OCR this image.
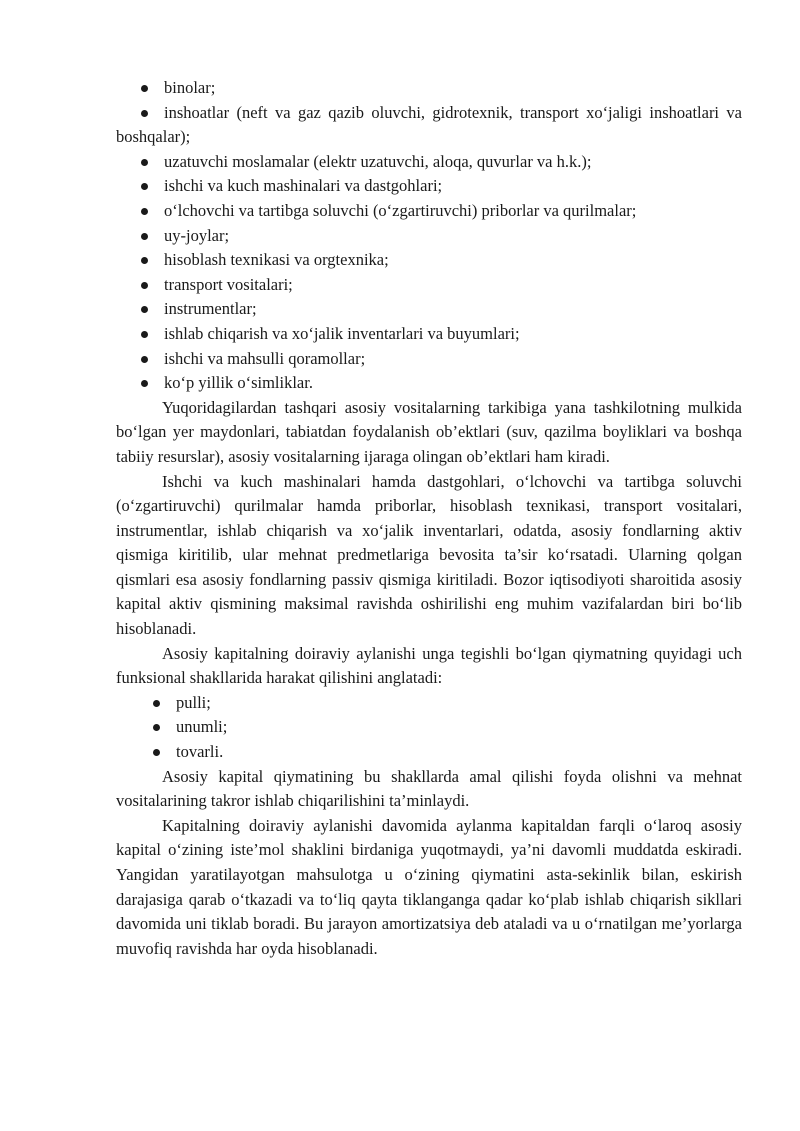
binolar;
inshoatlar (neft va gaz qazib oluvchi, gidrotexnik, transport xo‘jaligi inshoatlari va boshqalar);
uzatuvchi moslamalar (elektr uzatuvchi, aloqa, quvurlar va h.k.);
ishchi va kuch mashinalari va dastgohlari;
o‘lchovchi va tartibga soluvchi (o‘zgartiruvchi) priborlar va qurilmalar;
uy-joylar;
hisoblash texnikasi va orgtexnika;
transport vositalari;
instrumentlar;
ishlab chiqarish va xo‘jalik inventarlari va buyumlari;
ishchi va mahsulli qoramollar;
ko‘p yillik o‘simliklar.

Yuqoridagilardan tashqari asosiy vositalarning tarkibiga yana tashkilotning mulkida bo‘lgan yer maydonlari, tabiatdan foydalanish ob’ektlari (suv, qazilma boyliklari va boshqa tabiiy resurslar), asosiy vositalarning ijaraga olingan ob’ektlari ham kiradi.

Ishchi va kuch mashinalari hamda dastgohlari, o‘lchovchi va tartibga soluvchi (o‘zgartiruvchi) qurilmalar hamda priborlar, hisoblash texnikasi, transport vositalari, instrumentlar, ishlab chiqarish va xo‘jalik inventarlari, odatda, asosiy fondlarning aktiv qismiga kiritilib, ular mehnat predmetlariga bevosita ta’sir ko‘rsatadi. Ularning qolgan qismlari esa asosiy fondlarning passiv qismiga kiritiladi. Bozor iqtisodiyoti sharoitida asosiy kapital aktiv qismining maksimal ravishda oshirilishi eng muhim vazifalardan biri bo‘lib hisoblanadi.

Asosiy kapitalning doiraviy aylanishi unga tegishli bo‘lgan qiymatning quyidagi uch funksional shakllarida harakat qilishini anglatadi:

pulli;
unumli;
tovarli.

Asosiy kapital qiymatining bu shakllarda amal qilishi foyda olishni va mehnat vositalarining takror ishlab chiqarilishini ta’minlaydi.

Kapitalning doiraviy aylanishi davomida aylanma kapitaldan farqli o‘laroq asosiy kapital o‘zining iste’mol shaklini birdaniga yuqotmaydi, ya’ni davomli muddatda eskiradi. Yangidan yaratilayotgan mahsulotga u o‘zining qiymatini asta-sekinlik bilan, eskirish darajasiga qarab o‘tkazadi va to‘liq qayta tiklanganga qadar ko‘plab ishlab chiqarish sikllari davomida uni tiklab boradi. Bu jarayon amortizatsiya deb ataladi va u o‘rnatilgan me’yorlarga muvofiq ravishda har oyda hisoblanadi.
